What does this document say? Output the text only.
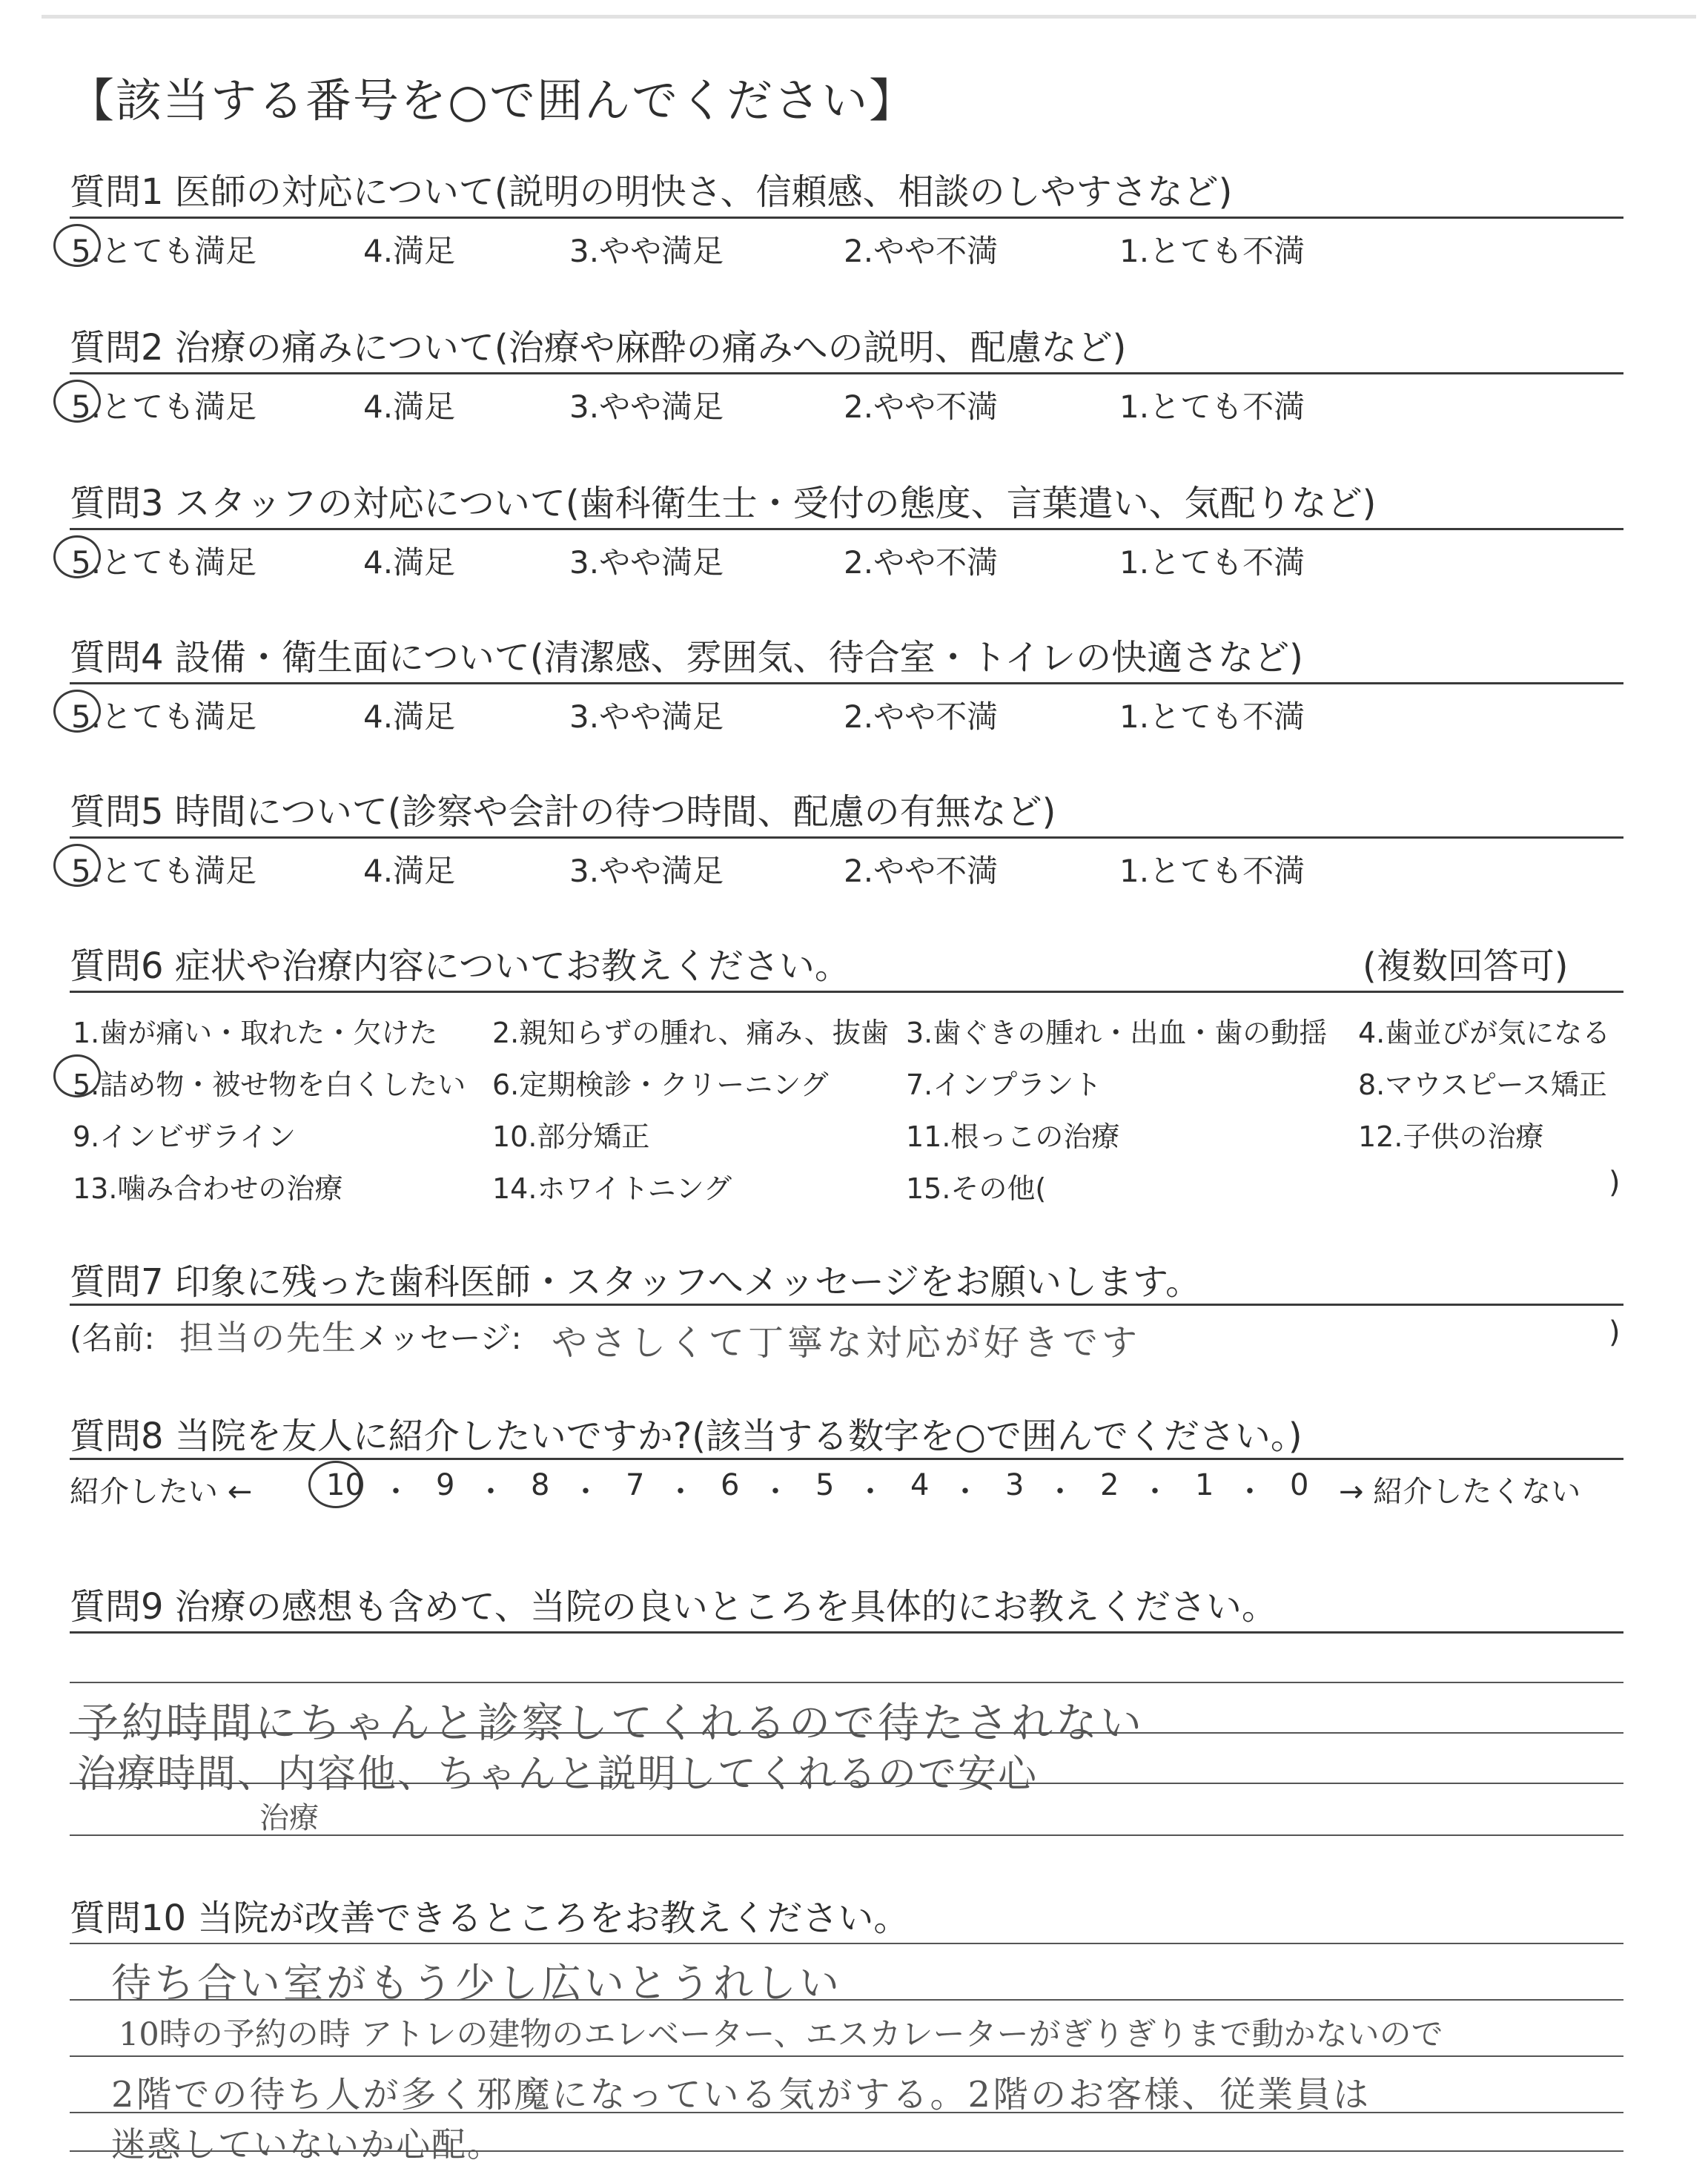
【該当する番号を○で囲んでください】
質問1 医師の対応について(説明の明快さ、信頼感、相談のしやすさなど)
5.とても満足	4.満足	3.やや満足	2.やや不満	1.とても不満
質問2 治療の痛みについて(治療や麻酔の痛みへの説明、配慮など)
5.とても満足	4.満足	3.やや満足	2.やや不満	1.とても不満
質問3 スタッフの対応について(歯科衛生士・受付の態度、言葉遣い、気配りなど)
5.とても満足	4.満足	3.やや満足	2.やや不満	1.とても不満
質問4 設備・衛生面について(清潔感、雰囲気、待合室・トイレの快適さなど)
5.とても満足	4.満足	3.やや満足	2.やや不満	1.とても不満
質問5 時間について(診察や会計の待つ時間、配慮の有無など)
5.とても満足	4.満足	3.やや満足	2.やや不満	1.とても不満
質問6 症状や治療内容についてお教えください。	(複数回答可)
1.歯が痛い・取れた・欠けた 2.親知らずの腫れ、痛み、抜歯 3.歯ぐきの腫れ・出血・歯の動揺 4.歯並びが気になる
5.詰め物・被せ物を白くしたい 6.定期検診・クリーニング	7.インプラント	8.マウスピース矯正
9.インビザライン	10.部分矯正	11.根っこの治療	12.子供の治療
13.噛み合わせの治療	14.ホワイトニング	15.その他(	)
質問7 印象に残った歯科医師・スタッフへメッセージをお願いします。
(名前: 担当の先生 メッセージ: やさしくて丁寧な対応が好きです	)
質問8 当院を友人に紹介したいですか?(該当する数字を○で囲んでください。)
紹介したい ← 10 ・ 9 ・ 8 ・ 7 ・ 6 ・ 5 ・ 4 ・ 3 ・ 2 ・ 1 ・ 0 → 紹介したくない
質問9 治療の感想も含めて、当院の良いところを具体的にお教えください。
予約時間にちゃんと診察してくれるので待たされない
治療時間、内容他、ちゃんと説明してくれるので安心
治療
質問10 当院が改善できるところをお教えください。
待ち合い室がもう少し広いとうれしい
10時の予約の時 アトレの建物のエレベーター、エスカレーターがぎりぎりまで動かないので
2階での待ち人が多く邪魔になっている気がする。2階のお客様、従業員は
迷惑していないか心配。
